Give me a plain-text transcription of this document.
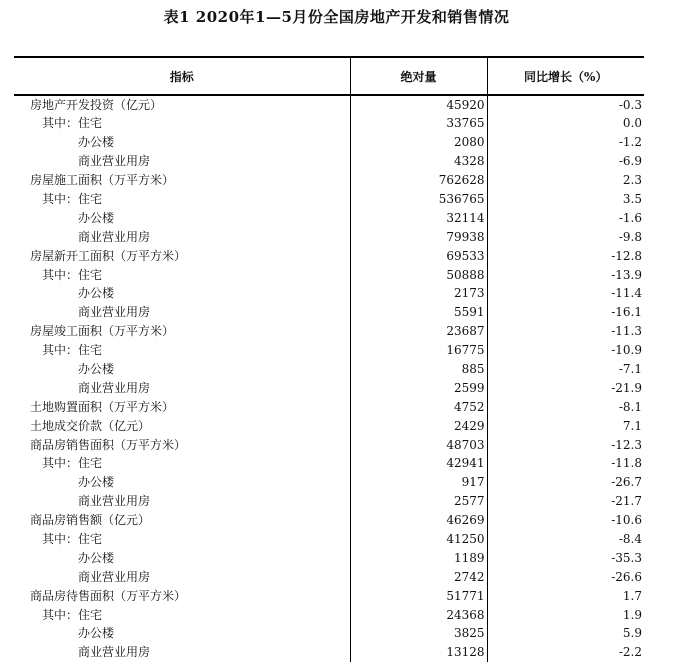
表1 2020年1—5月份全国房地产开发和销售情况
指标	绝对量	同比增长（%）
房地产开发投资（亿元）	45920	-0.3
其中：住宅	33765	0.0
办公楼	2080	-1.2
商业营业用房	4328	-6.9
房屋施工面积（万平方米）	762628	2.3
其中：住宅	536765	3.5
办公楼	32114	-1.6
商业营业用房	79938	-9.8
房屋新开工面积（万平方米）	69533	-12.8
其中：住宅	50888	-13.9
办公楼	2173	-11.4
商业营业用房	5591	-16.1
房屋竣工面积（万平方米）	23687	-11.3
其中：住宅	16775	-10.9
办公楼	885	-7.1
商业营业用房	2599	-21.9
土地购置面积（万平方米）	4752	-8.1
土地成交价款（亿元）	2429	7.1
商品房销售面积（万平方米）	48703	-12.3
其中：住宅	42941	-11.8
办公楼	917	-26.7
商业营业用房	2577	-21.7
商品房销售额（亿元）	46269	-10.6
其中：住宅	41250	-8.4
办公楼	1189	-35.3
商业营业用房	2742	-26.6
商品房待售面积（万平方米）	51771	1.7
其中：住宅	24368	1.9
办公楼	3825	5.9
商业营业用房	13128	-2.2
